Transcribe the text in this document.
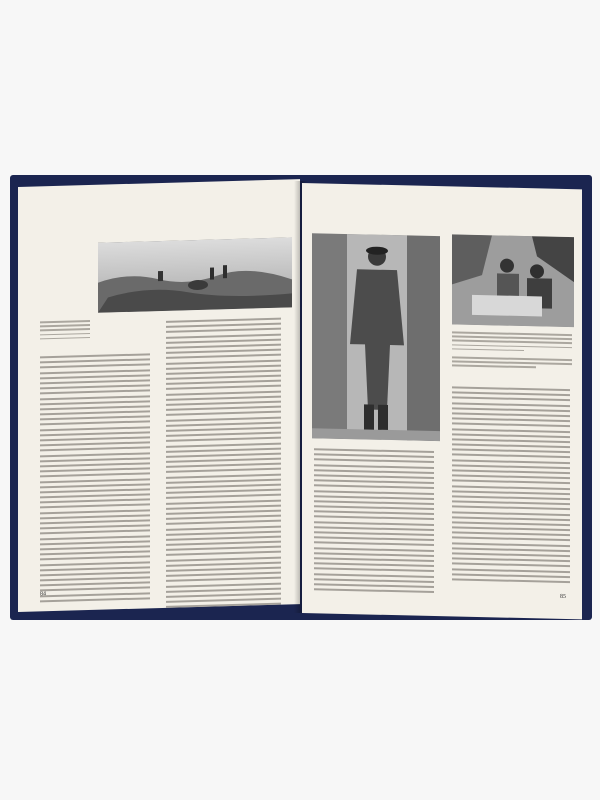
84	85
